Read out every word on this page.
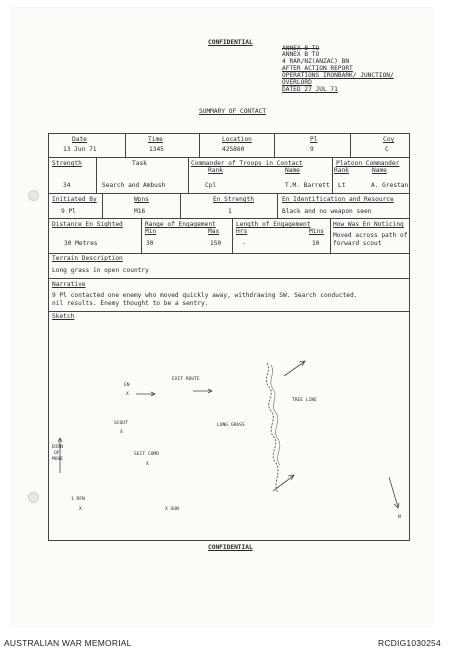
CONFIDENTIAL
ANNEX B TO
ANNEX B TO
4 RAR/NZ(ANZAC) BN
AFTER ACTION REPORT
OPERATIONS IRONBARK/ JUNCTION/
OVERLORD
DATED 27 JUL 71
SUMMARY OF CONTACT
Date
13 Jun 71
Time
1345
Location
425860
Pl
9
Coy
C
Strength
34
Task
Search and Ambush
Commander of Troops in Contact
Rank	Name
Cpl	T.M. Barrett
Platoon Commander
Rank	Name
Lt	A. Grestan
Initiated By
9 Pl
Wpns
M16
En Strength
1
En Identification and Resource
Black and no weapon seen
Distance En Sighted
30 Metres
Range of Engagement
Min	Max
30	150
Length of Engagement
Hrs	Mins
-	10
How Was En Noticing
Moved across path of
forward scout
Terrain Description
Long grass in open country
Narrative
9 Pl contacted one enemy who moved quickly away, withdrawing SW. Search conducted.
nil results. Enemy thought to be a sentry.
Sketch
EN
X
EXIT ROUTE
TREE LINE
SCOUT
X
LONG GRASS
SECT COMD
X
DIRN
OF
MOVE
1 RFN
X	X GUN
N
CONFIDENTIAL
AUSTRALIAN WAR MEMORIAL	RCDIG1030254
